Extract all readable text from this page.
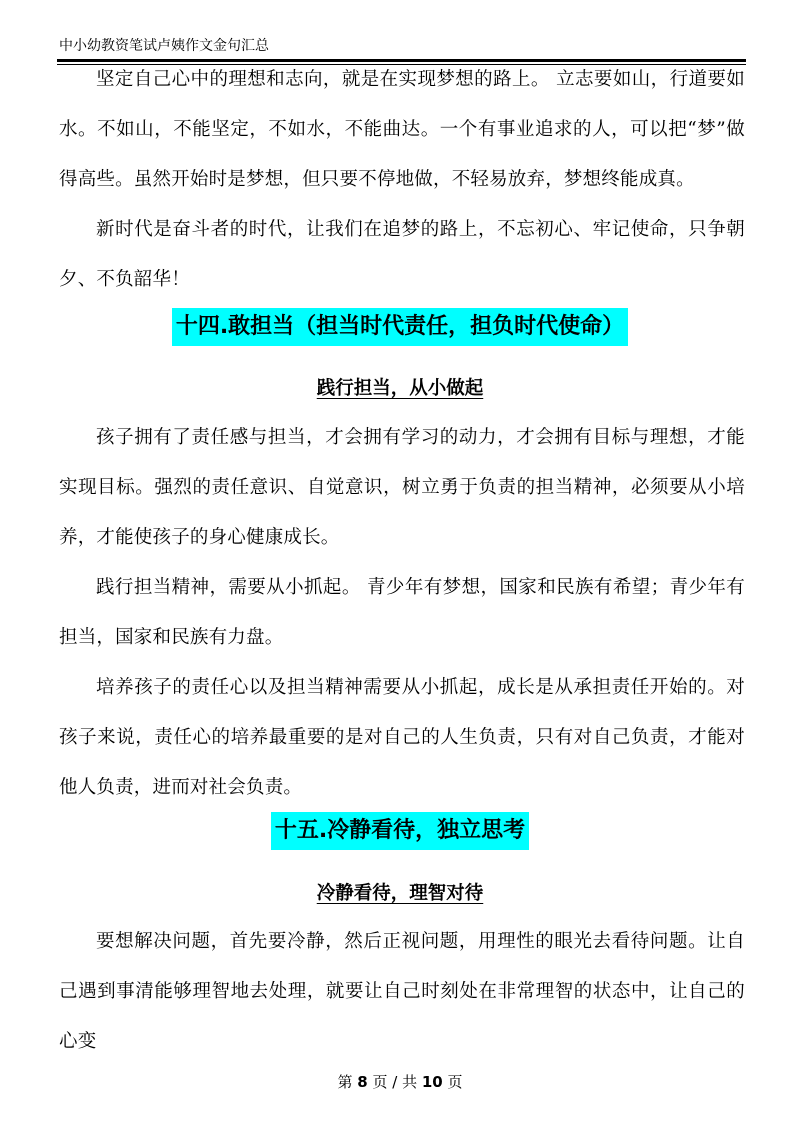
中小幼教资笔试卢姨作文金句汇总

坚定自己心中的理想和志向，就是在实现梦想的路上。 立志要如山，行道要如水。不如山，不能坚定，不如水，不能曲达。一个有事业追求的人，可以把“梦”做得高些。虽然开始时是梦想，但只要不停地做，不轻易放弃，梦想终能成真。

新时代是奋斗者的时代，让我们在追梦的路上，不忘初心、牢记使命，只争朝夕、不负韶华！

十四.敢担当（担当时代责任，担负时代使命）
践行担当，从小做起

孩子拥有了责任感与担当，才会拥有学习的动力，才会拥有目标与理想，才能实现目标。强烈的责任意识、自觉意识，树立勇于负责的担当精神，必须要从小培养，才能使孩子的身心健康成长。

践行担当精神，需要从小抓起。 青少年有梦想，国家和民族有希望；青少年有担当，国家和民族有力盘。

培养孩子的责任心以及担当精神需要从小抓起，成长是从承担责任开始的。对孩子来说，责任心的培养最重要的是对自己的人生负责，只有对自己负责，才能对他人负责，进而对社会负责。

十五.冷静看待，独立思考
冷静看待，理智对待

要想解决问题，首先要冷静，然后正视问题，用理性的眼光去看待问题。让自己遇到事清能够理智地去处理，就要让自己时刻处在非常理智的状态中，让自己的心变

第 8 页 / 共 10 页
